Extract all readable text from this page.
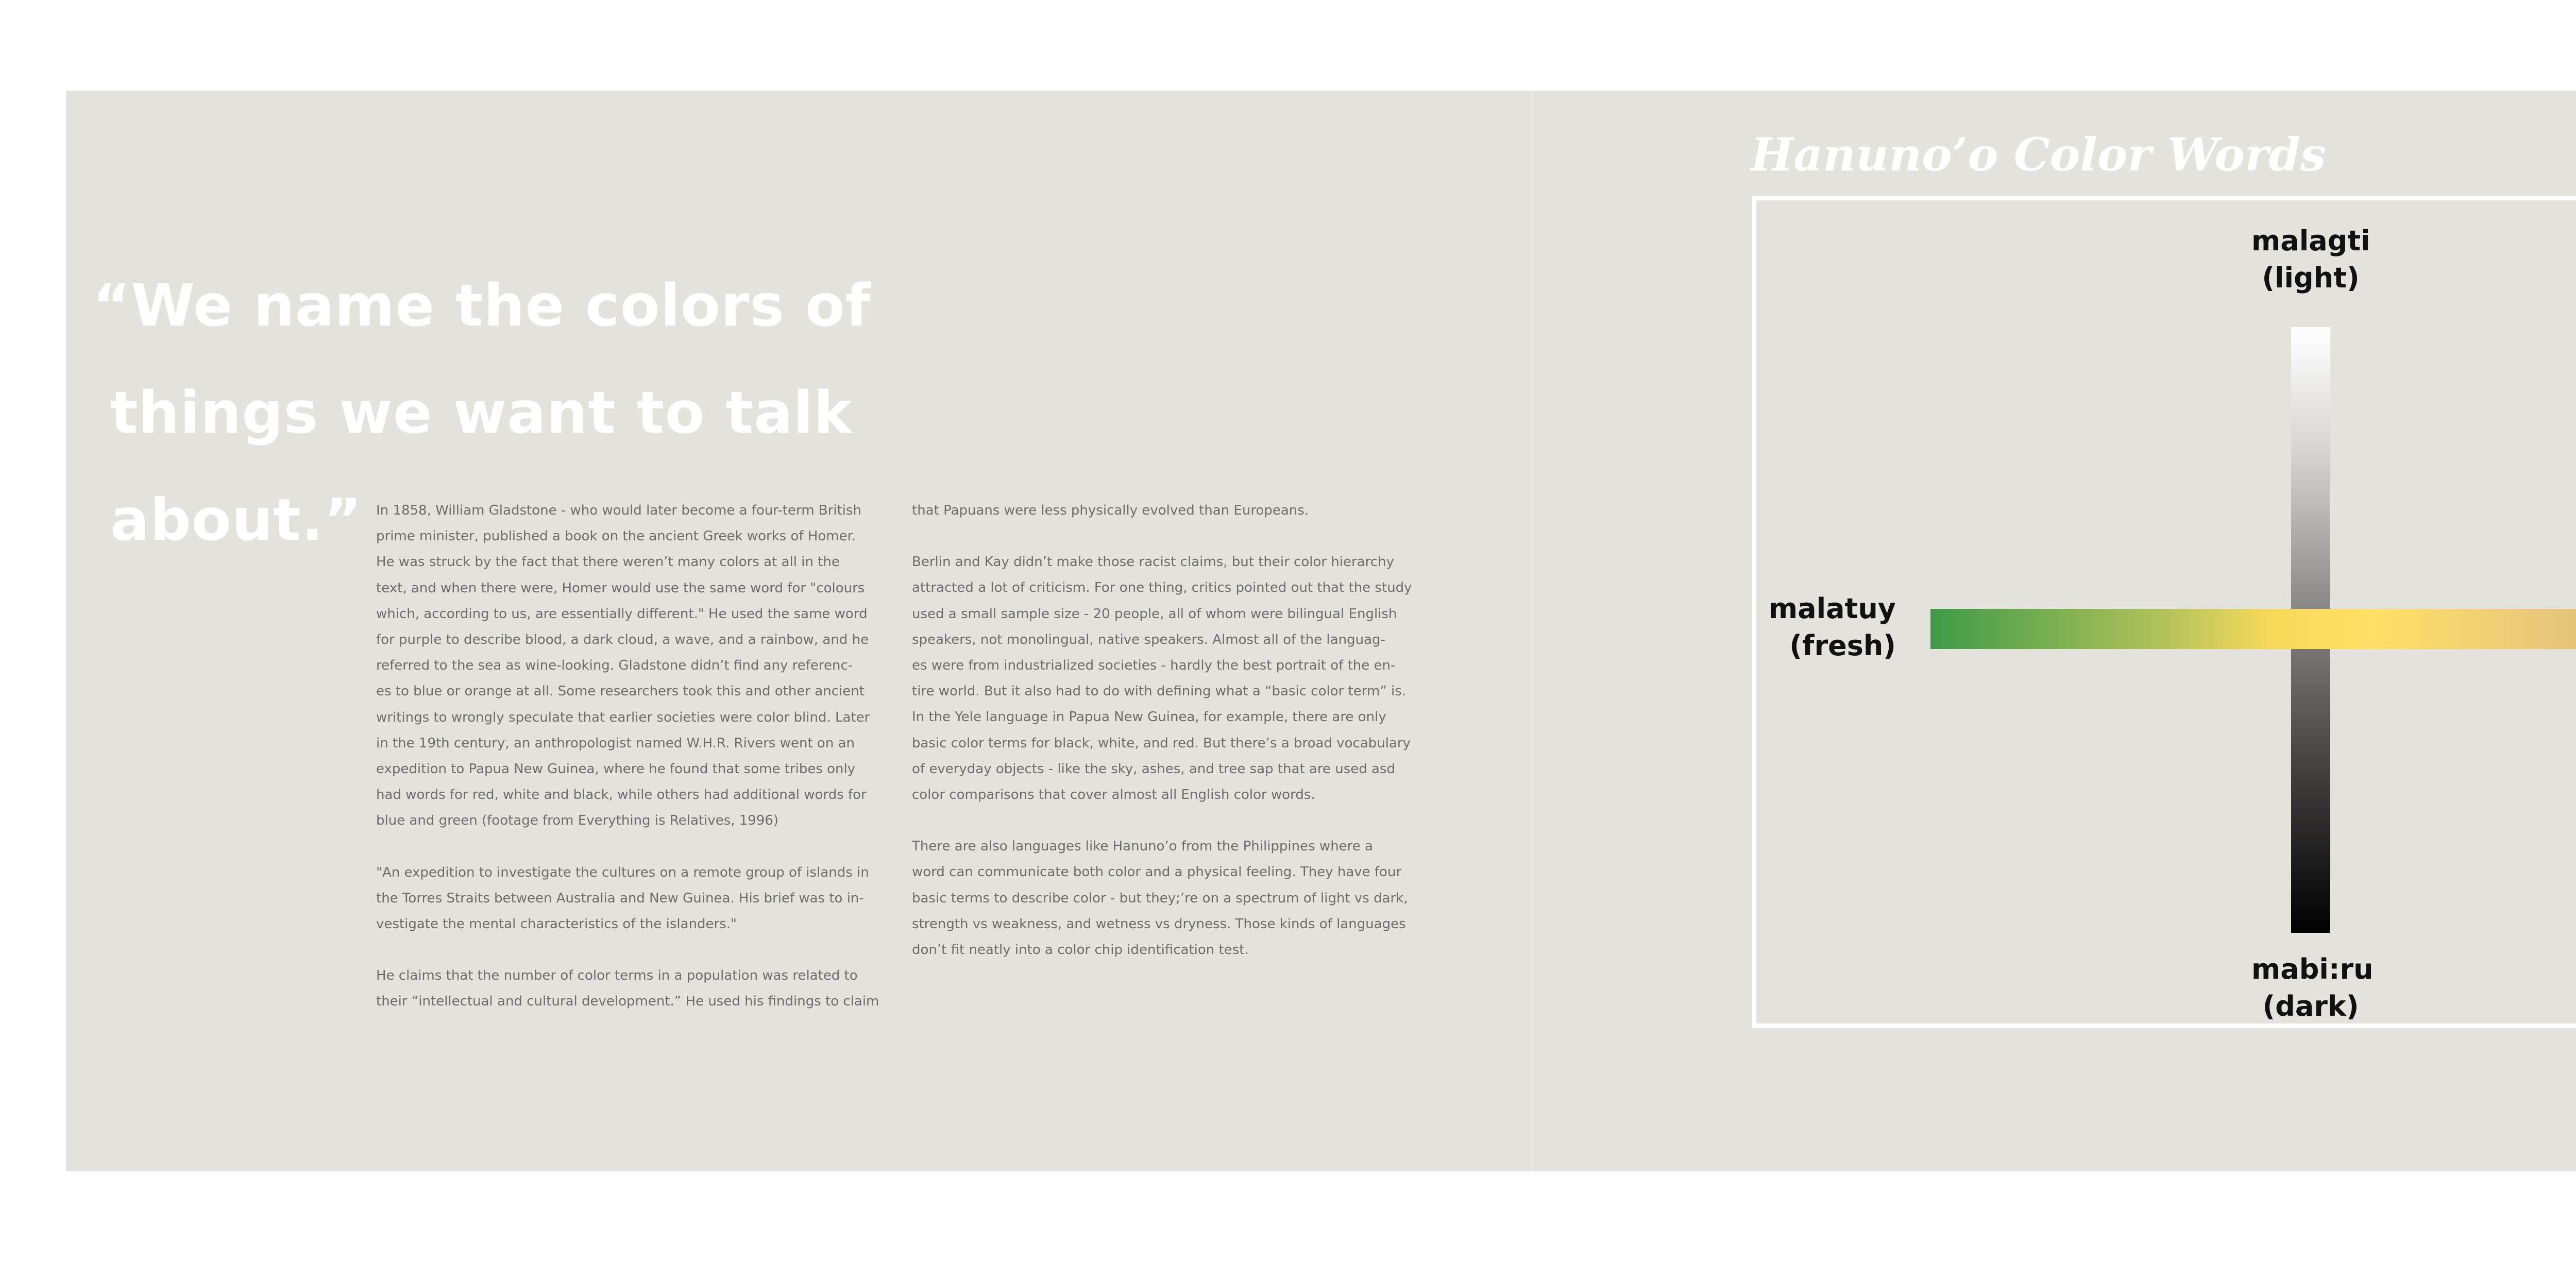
“We name the colors of
things we want to talk
about.”	In 1858, William Gladstone - who would later become a four-term British
prime minister, published a book on the ancient Greek works of Homer.
He was struck by the fact that there weren’t many colors at all in the
text, and when there were, Homer would use the same word for "colours
which, according to us, are essentially different." He used the same word
for purple to describe blood, a dark cloud, a wave, and a rainbow, and he
referred to the sea as wine-looking. Gladstone didn’t find any referenc-
es to blue or orange at all. Some researchers took this and other ancient
writings to wrongly speculate that earlier societies were color blind. Later
in the 19th century, an anthropologist named W.H.R. Rivers went on an
expedition to Papua New Guinea, where he found that some tribes only
had words for red, white and black, while others had additional words for
blue and green (footage from Everything is Relatives, 1996)

"An expedition to investigate the cultures on a remote group of islands in
the Torres Straits between Australia and New Guinea. His brief was to in-
vestigate the mental characteristics of the islanders."

He claims that the number of color terms in a population was related to
their “intellectual and cultural development.” He used his findings to claim

that Papuans were less physically evolved than Europeans.

Berlin and Kay didn’t make those racist claims, but their color hierarchy
attracted a lot of criticism. For one thing, critics pointed out that the study
used a small sample size - 20 people, all of whom were bilingual English
speakers, not monolingual, native speakers. Almost all of the languag-
es were from industrialized societies - hardly the best portrait of the en-
tire world. But it also had to do with defining what a “basic color term” is.
In the Yele language in Papua New Guinea, for example, there are only
basic color terms for black, white, and red. But there’s a broad vocabulary
of everyday objects - like the sky, ashes, and tree sap that are used asd
color comparisons that cover almost all English color words.

There are also languages like Hanuno’o from the Philippines where a
word can communicate both color and a physical feeling. They have four
basic terms to describe color - but they;’re on a spectrum of light vs dark,
strength vs weakness, and wetness vs dryness. Those kinds of languages
don’t fit neatly into a color chip identification test.

Hanuno’o Color Words
malagti
(light)
mabi:ru
(dark)
malatuy
(fresh)
